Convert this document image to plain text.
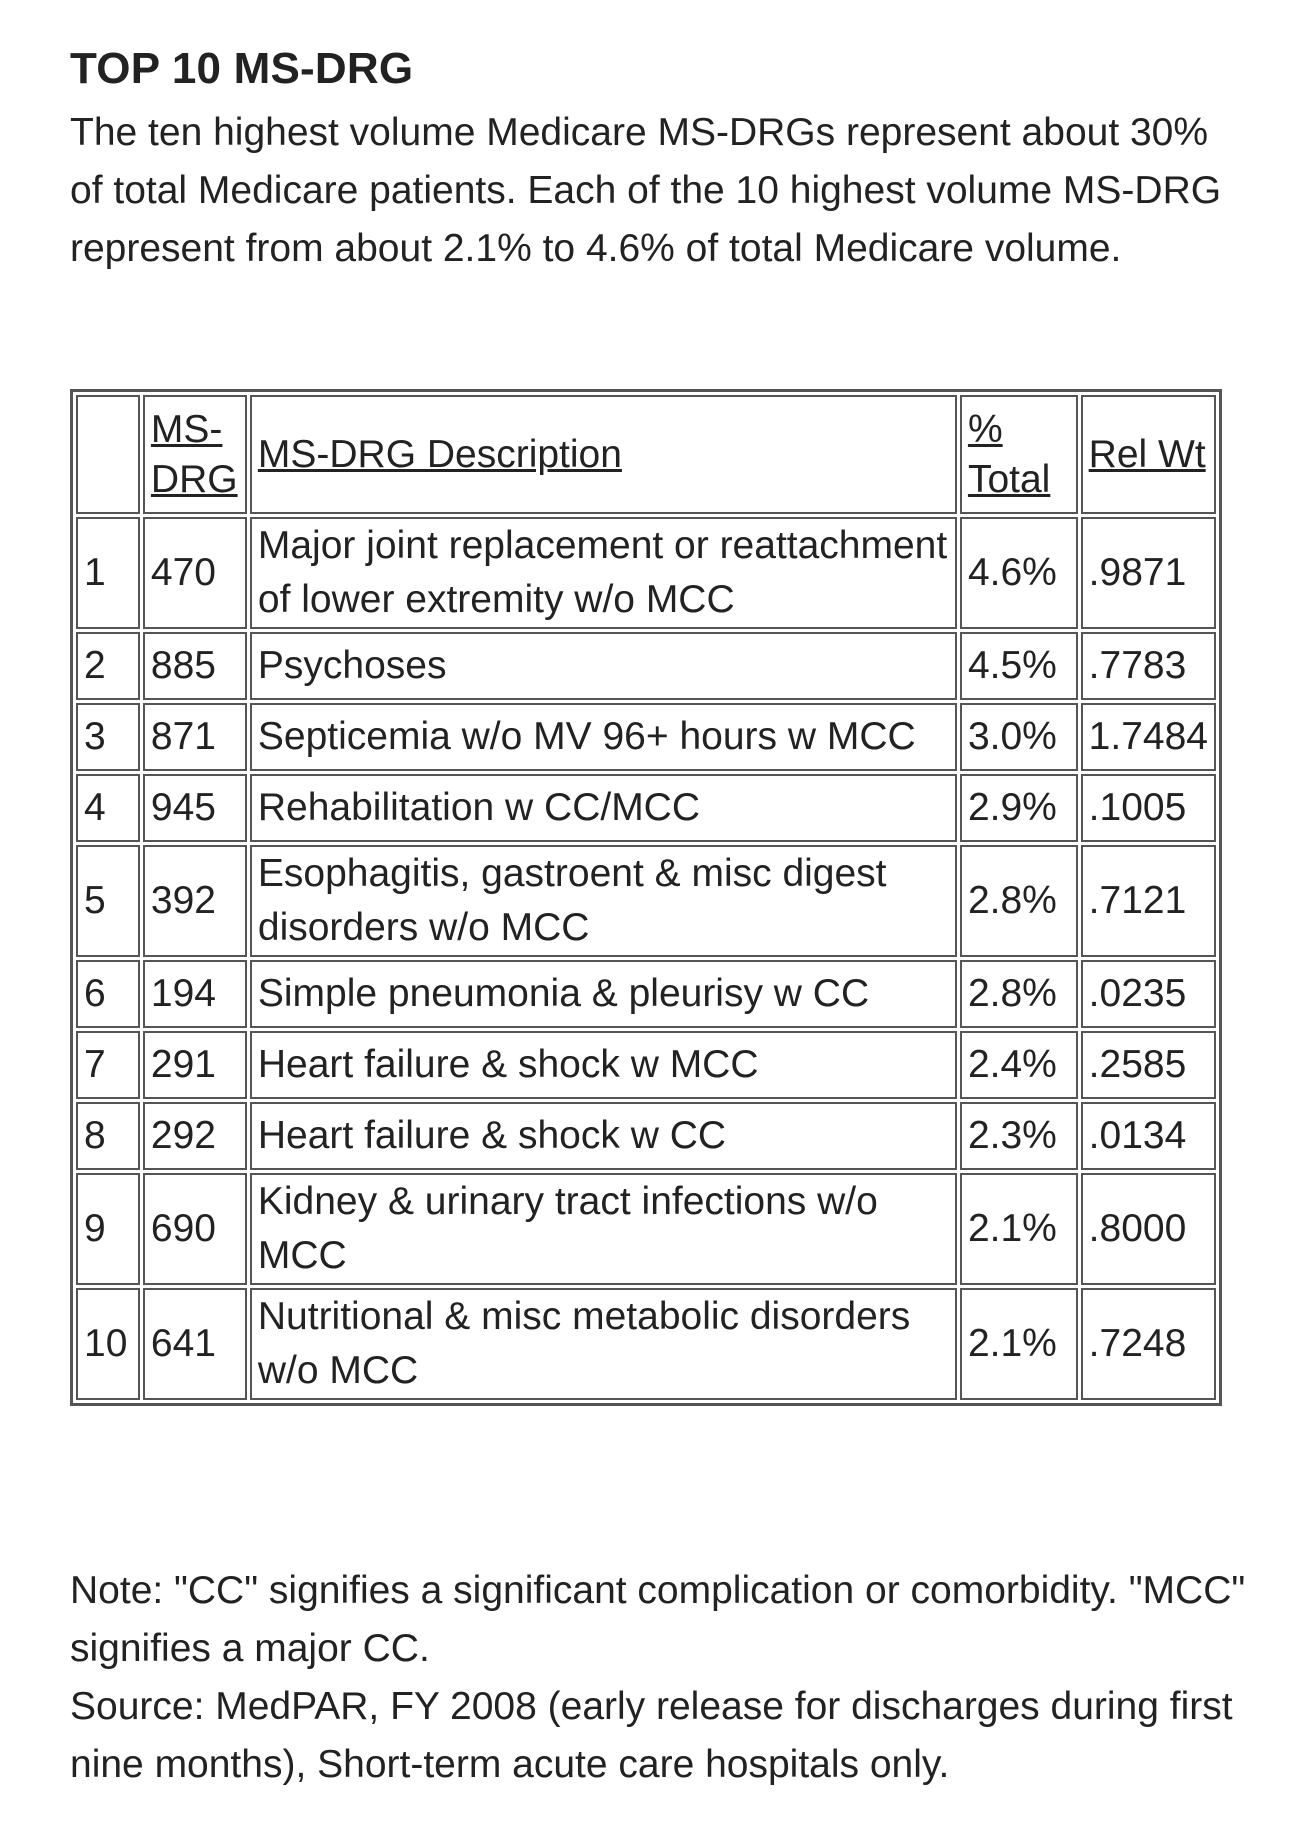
TOP 10 MS-DRG

The ten highest volume Medicare MS-DRGs represent about 30% of total Medicare patients. Each of the 10 highest volume MS-DRG represent from about 2.1% to 4.6% of total Medicare volume.

	MS-DRG	MS-DRG Description	% Total	Rel Wt
1	470	Major joint replacement or reattachment of lower extremity w/o MCC	4.6%	.9871
2	885	Psychoses	4.5%	.7783
3	871	Septicemia w/o MV 96+ hours w MCC	3.0%	1.7484
4	945	Rehabilitation w CC/MCC	2.9%	.1005
5	392	Esophagitis, gastroent & misc digest disorders w/o MCC	2.8%	.7121
6	194	Simple pneumonia & pleurisy w CC	2.8%	.0235
7	291	Heart failure & shock w MCC	2.4%	.2585
8	292	Heart failure & shock w CC	2.3%	.0134
9	690	Kidney & urinary tract infections w/o MCC	2.1%	.8000
10	641	Nutritional & misc metabolic disorders w/o MCC	2.1%	.7248

Note: "CC" signifies a significant complication or comorbidity. "MCC" signifies a major CC.

Source: MedPAR, FY 2008 (early release for discharges during first nine months), Short-term acute care hospitals only.
